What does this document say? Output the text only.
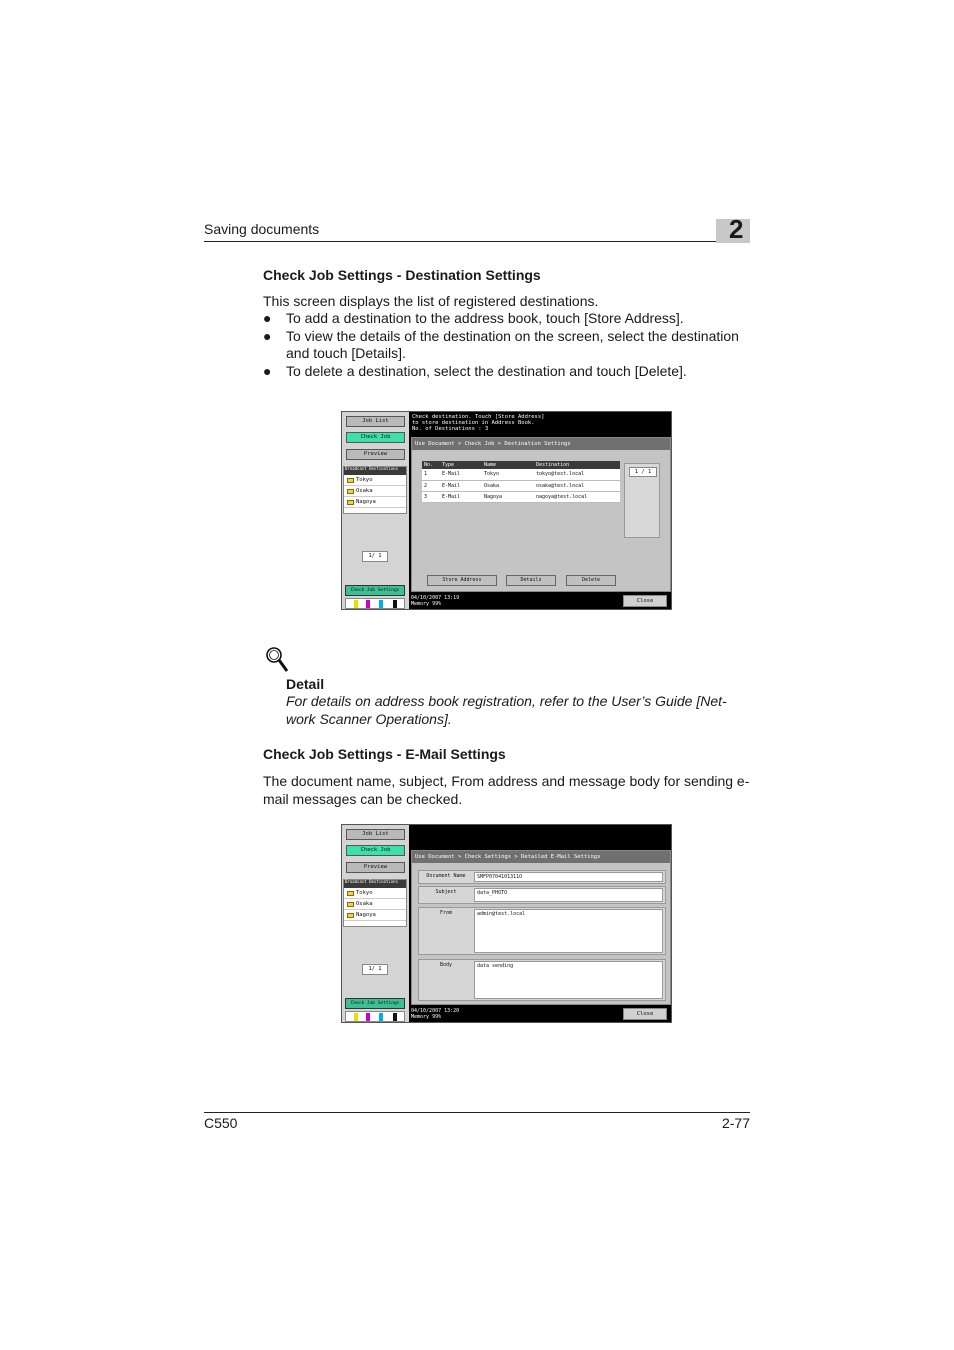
Saving documents	2
Check Job Settings - Destination Settings
This screen displays the list of registered destinations.
● To add a destination to the address book, touch [Store Address].
● To view the details of the destination on the screen, select the destination and touch [Details].
● To delete a destination, select the destination and touch [Delete].
Job List
Check Job
Preview
Broadcast Destinations
Tokyo
Osaka
Nagoya
1/ 1
Check Job Settings
Check destination. Touch [Store Address]
to store destination in Address Book.
No. of Destinations : 3
Use Document > Check Job > Destination Settings
No.	Type	Name	Destination
1	E-Mail	Tokyo	tokyo@test.local
2	E-Mail	Osaka	osaka@test.local
3	E-Mail	Nagoya	nagoya@test.local
1 / 1
Store Address	Details	Delete
04/10/2007 13:19
Memory 99%	Close
Detail
For details on address book registration, refer to the User’s Guide [Net-work Scanner Operations].
Check Job Settings - E-Mail Settings
The document name, subject, From address and message body for sending e-mail messages can be checked.
Job List
Check Job
Preview
Broadcast Destinations
Tokyo
Osaka
Nagoya
1/ 1
Check Job Settings
Use Document > Check Settings > Detailed E-Mail Settings
Document Name	SMFP0704101311O
Subject	data_PHOTO
From	admin@test.local
Body	data sending
04/10/2007 13:20
Memory 99%	Close
C550	2-77
